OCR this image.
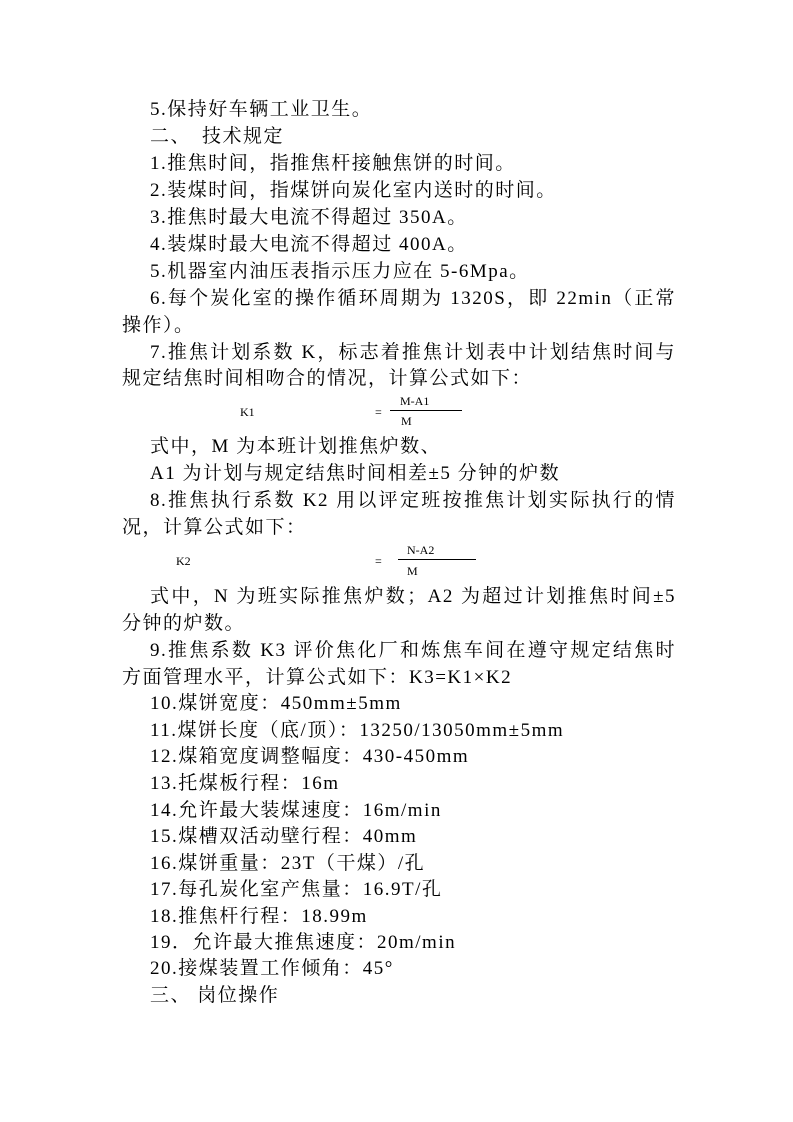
5.保持好车辆工业卫生。
二、　技术规定
1.推焦时间，指推焦杆接触焦饼的时间。
2.装煤时间，指煤饼向炭化室内送时的时间。
3.推焦时最大电流不得超过 350A。
4.装煤时最大电流不得超过 400A。
5.机器室内油压表指示压力应在 5-6Mpa。
6.每个炭化室的操作循环周期为 1320S，即 22min（正常
操作）。
7.推焦计划系数 K，标志着推焦计划表中计划结焦时间与
规定结焦时间相吻合的情况，计算公式如下：
K1	=
M-A1
M
式中，M 为本班计划推焦炉数、
A1 为计划与规定结焦时间相差±5 分钟的炉数
8.推焦执行系数 K2 用以评定班按推焦计划实际执行的情
况，计算公式如下：
K2	=
N-A2
M
式中，N 为班实际推焦炉数；A2 为超过计划推焦时间±5
分钟的炉数。
9.推焦系数 K3 评价焦化厂和炼焦车间在遵守规定结焦时
方面管理水平，计算公式如下：K3=K1×K2
10.煤饼宽度：450mm±5mm
11.煤饼长度（底/顶）：13250/13050mm±5mm
12.煤箱宽度调整幅度：430-450mm
13.托煤板行程：16m
14.允许最大装煤速度：16m/min
15.煤槽双活动壁行程：40mm
16.煤饼重量：23T（干煤）/孔
17.每孔炭化室产焦量：16.9T/孔
18.推焦杆行程：18.99m
19．允许最大推焦速度：20m/min
20.接煤装置工作倾角：45°
三、 岗位操作
